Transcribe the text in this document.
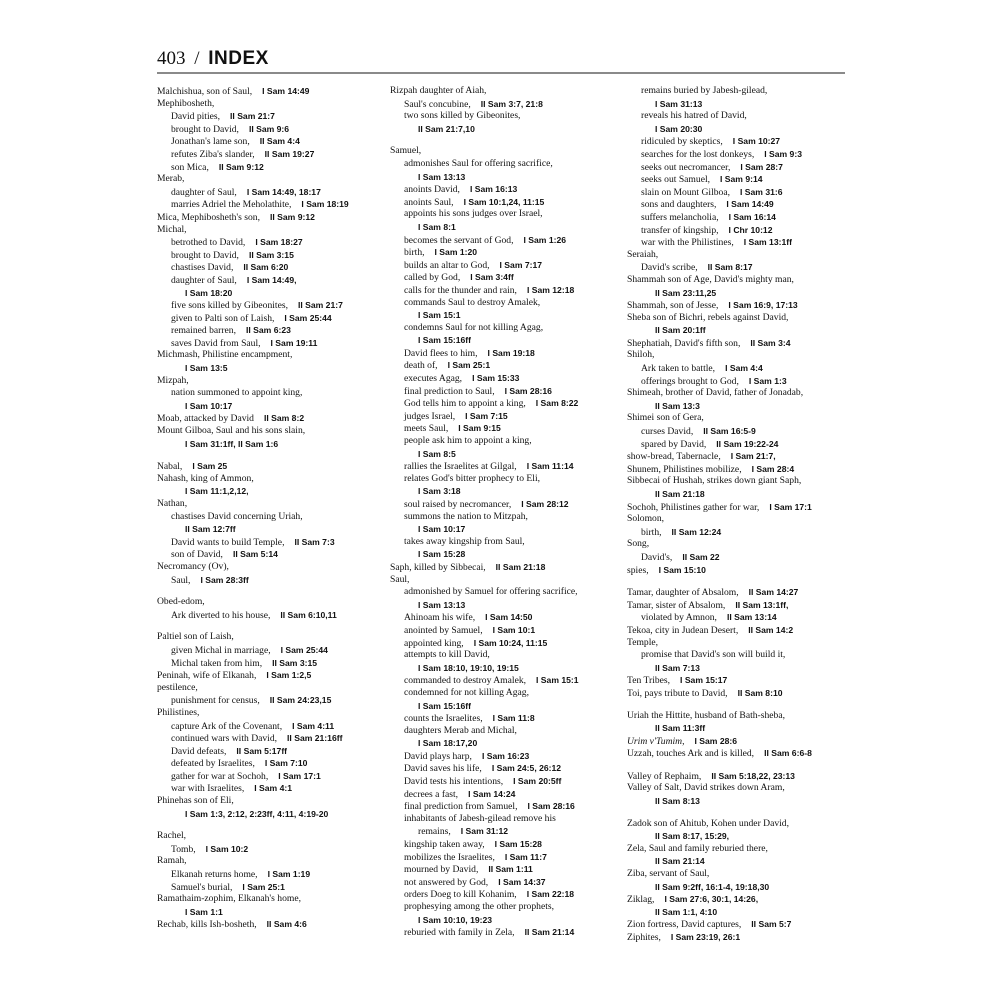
403 / INDEX
Malchishua, son of Saul, I Sam 14:49
Mephibosheth,
David pities, II Sam 21:7
brought to David, II Sam 9:6
Jonathan's lame son, II Sam 4:4
refutes Ziba's slander, II Sam 19:27
son Mica, II Sam 9:12
Merab,
daughter of Saul, I Sam 14:49, 18:17
marries Adriel the Meholathite, I Sam 18:19
Mica, Mephibosheth's son, II Sam 9:12
Michal,
betrothed to David, I Sam 18:27
brought to David, II Sam 3:15
chastises David, II Sam 6:20
daughter of Saul, I Sam 14:49,
I Sam 18:20
five sons killed by Gibeonites, II Sam 21:7
given to Palti son of Laish, I Sam 25:44
remained barren, II Sam 6:23
saves David from Saul, I Sam 19:11
Michmash, Philistine encampment,
I Sam 13:5
Mizpah,
nation summoned to appoint king,
I Sam 10:17
Moab, attacked by David II Sam 8:2
Mount Gilboa, Saul and his sons slain,
I Sam 31:1ff, II Sam 1:6
Nabal, I Sam 25
Nahash, king of Ammon,
I Sam 11:1,2,12,
Nathan,
chastises David concerning Uriah,
II Sam 12:7ff
David wants to build Temple, II Sam 7:3
son of David, II Sam 5:14
Necromancy (Ov),
Saul, I Sam 28:3ff
Obed-edom,
Ark diverted to his house, II Sam 6:10,11
Paltiel son of Laish,
given Michal in marriage, I Sam 25:44
Michal taken from him, II Sam 3:15
Peninah, wife of Elkanah, I Sam 1:2,5
pestilence,
punishment for census, II Sam 24:23,15
Philistines,
capture Ark of the Covenant, I Sam 4:11
continued wars with David, II Sam 21:16ff
David defeats, II Sam 5:17ff
defeated by Israelites, I Sam 7:10
gather for war at Sochoh, I Sam 17:1
war with Israelites, I Sam 4:1
Phinehas son of Eli,
I Sam 1:3, 2:12, 2:23ff, 4:11, 4:19-20
Rachel,
Tomb, I Sam 10:2
Ramah,
Elkanah returns home, I Sam 1:19
Samuel's burial, I Sam 25:1
Ramathaim-zophim, Elkanah's home,
I Sam 1:1
Rechab, kills Ish-bosheth, II Sam 4:6
Rizpah daughter of Aiah,
Saul's concubine, II Sam 3:7, 21:8
two sons killed by Gibeonites,
II Sam 21:7,10
Samuel,
admonishes Saul for offering sacrifice,
I Sam 13:13
anoints David, I Sam 16:13
anoints Saul, I Sam 10:1,24, 11:15
appoints his sons judges over Israel,
I Sam 8:1
becomes the servant of God, I Sam 1:26
birth, I Sam 1:20
builds an altar to God, I Sam 7:17
called by God, I Sam 3:4ff
calls for the thunder and rain, I Sam 12:18
commands Saul to destroy Amalek,
I Sam 15:1
condemns Saul for not killing Agag,
I Sam 15:16ff
David flees to him, I Sam 19:18
death of, I Sam 25:1
executes Agag, I Sam 15:33
final prediction to Saul, I Sam 28:16
God tells him to appoint a king, I Sam 8:22
judges Israel, I Sam 7:15
meets Saul, I Sam 9:15
people ask him to appoint a king,
I Sam 8:5
rallies the Israelites at Gilgal, I Sam 11:14
relates God's bitter prophecy to Eli,
I Sam 3:18
soul raised by necromancer, I Sam 28:12
summons the nation to Mitzpah,
I Sam 10:17
takes away kingship from Saul,
I Sam 15:28
Saph, killed by Sibbecai, II Sam 21:18
Saul,
admonished by Samuel for offering sacrifice,
I Sam 13:13
Ahinoam his wife, I Sam 14:50
anointed by Samuel, I Sam 10:1
appointed king, I Sam 10:24, 11:15
attempts to kill David,
I Sam 18:10, 19:10, 19:15
commanded to destroy Amalek, I Sam 15:1
condemned for not killing Agag,
I Sam 15:16ff
counts the Israelites, I Sam 11:8
daughters Merab and Michal,
I Sam 18:17,20
David plays harp, I Sam 16:23
David saves his life, I Sam 24:5, 26:12
David tests his intentions, I Sam 20:5ff
decrees a fast, I Sam 14:24
final prediction from Samuel, I Sam 28:16
inhabitants of Jabesh-gilead remove his
remains, I Sam 31:12
kingship taken away, I Sam 15:28
mobilizes the Israelites, I Sam 11:7
mourned by David, II Sam 1:11
not answered by God, I Sam 14:37
orders Doeg to kill Kohanim, I Sam 22:18
prophesying among the other prophets,
I Sam 10:10, 19:23
reburied with family in Zela, II Sam 21:14
remains buried by Jabesh-gilead,
I Sam 31:13
reveals his hatred of David,
I Sam 20:30
ridiculed by skeptics, I Sam 10:27
searches for the lost donkeys, I Sam 9:3
seeks out necromancer, I Sam 28:7
seeks out Samuel, I Sam 9:14
slain on Mount Gilboa, I Sam 31:6
sons and daughters, I Sam 14:49
suffers melancholia, I Sam 16:14
transfer of kingship, I Chr 10:12
war with the Philistines, I Sam 13:1ff
Seraiah,
David's scribe, II Sam 8:17
Shammah son of Age, David's mighty man,
II Sam 23:11,25
Shammah, son of Jesse, I Sam 16:9, 17:13
Sheba son of Bichri, rebels against David,
II Sam 20:1ff
Shephatiah, David's fifth son, II Sam 3:4
Shiloh,
Ark taken to battle, I Sam 4:4
offerings brought to God, I Sam 1:3
Shimeah, brother of David, father of Jonadab,
II Sam 13:3
Shimei son of Gera,
curses David, II Sam 16:5-9
spared by David, II Sam 19:22-24
show-bread, Tabernacle, I Sam 21:7,
Shunem, Philistines mobilize, I Sam 28:4
Sibbecai of Hushah, strikes down giant Saph,
II Sam 21:18
Sochoh, Philistines gather for war, I Sam 17:1
Solomon,
birth, II Sam 12:24
Song,
David's, II Sam 22
spies, I Sam 15:10
Tamar, daughter of Absalom, II Sam 14:27
Tamar, sister of Absalom, II Sam 13:1ff,
violated by Amnon, II Sam 13:14
Tekoa, city in Judean Desert, II Sam 14:2
Temple,
promise that David's son will build it,
II Sam 7:13
Ten Tribes, I Sam 15:17
Toi, pays tribute to David, II Sam 8:10
Uriah the Hittite, husband of Bath-sheba,
II Sam 11:3ff
Urim v'Tumim, I Sam 28:6
Uzzah, touches Ark and is killed, II Sam 6:6-8
Valley of Rephaim, II Sam 5:18,22, 23:13
Valley of Salt, David strikes down Aram,
II Sam 8:13
Zadok son of Ahitub, Kohen under David,
II Sam 8:17, 15:29,
Zela, Saul and family reburied there,
II Sam 21:14
Ziba, servant of Saul,
II Sam 9:2ff, 16:1-4, 19:18,30
Ziklag, I Sam 27:6, 30:1, 14:26,
II Sam 1:1, 4:10
Zion fortress, David captures, II Sam 5:7
Ziphites, I Sam 23:19, 26:1
